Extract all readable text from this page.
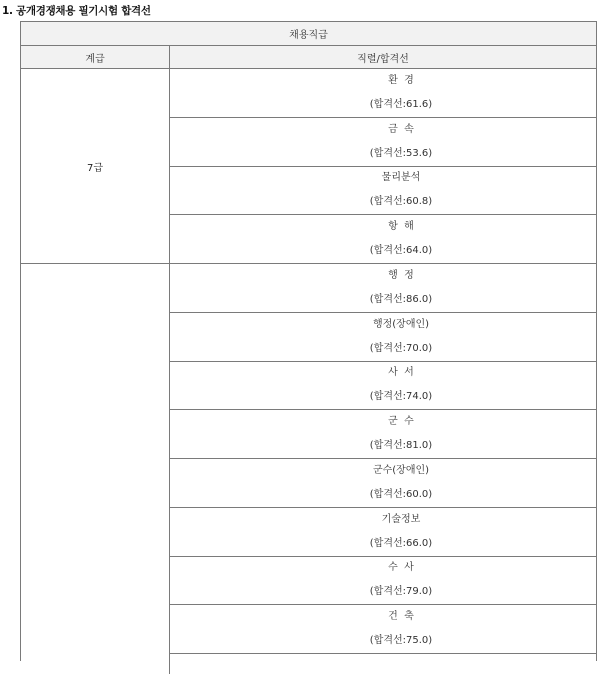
1. 공개경쟁채용 필기시험 합격선
채용직급
계급	직렬/합격선
7급
환  경
(합격선:61.6)
금  속
(합격선:53.6)
물리분석
(합격선:60.8)
항  해
(합격선:64.0)
행  정
(합격선:86.0)
행정(장애인)
(합격선:70.0)
사  서
(합격선:74.0)
군  수
(합격선:81.0)
군수(장애인)
(합격선:60.0)
기술정보
(합격선:66.0)
수  사
(합격선:79.0)
건  축
(합격선:75.0)
